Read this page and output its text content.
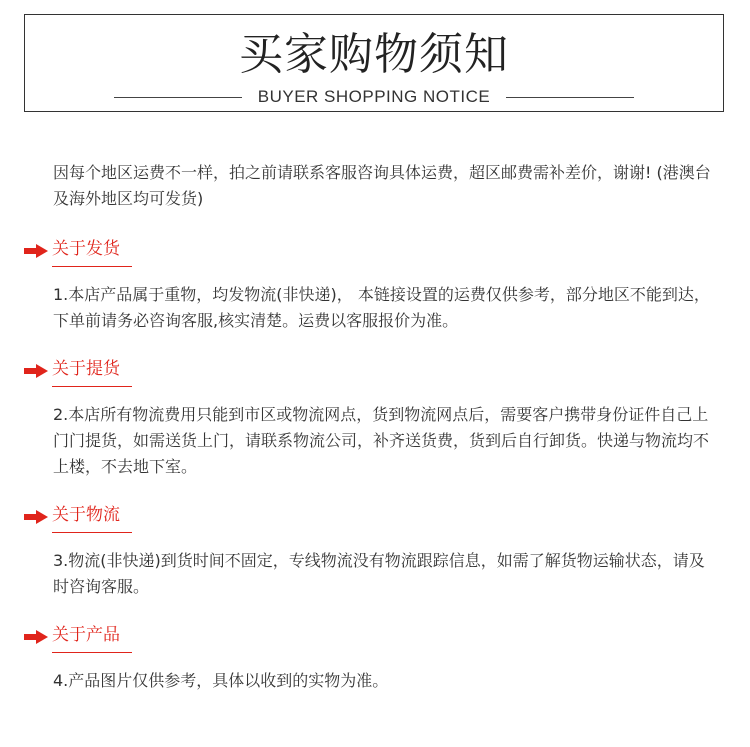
买家购物须知
BUYER SHOPPING NOTICE

因每个地区运费不一样，拍之前请联系客服咨询具体运费，超区邮费需补差价，谢谢! (港澳台 及海外地区均可发货)

关于发货

1.本店产品属于重物，均发物流(非快递)， 本链接设置的运费仅供参考，部分地区不能到达，下单前请务必咨询客服,核实清楚。运费以客服报价为准。

关于提货

2.本店所有物流费用只能到市区或物流网点，货到物流网点后，需要客户携带身份证件自己上门门提货，如需送货上门，请联系物流公司，补齐送货费，货到后自行卸货。快递与物流均不上楼，不去地下室。

关于物流

3.物流(非快递)到货时间不固定，专线物流没有物流跟踪信息，如需了解货物运输状态，请及时咨询客服。

关于产品

4.产品图片仅供参考，具体以收到的实物为准。
